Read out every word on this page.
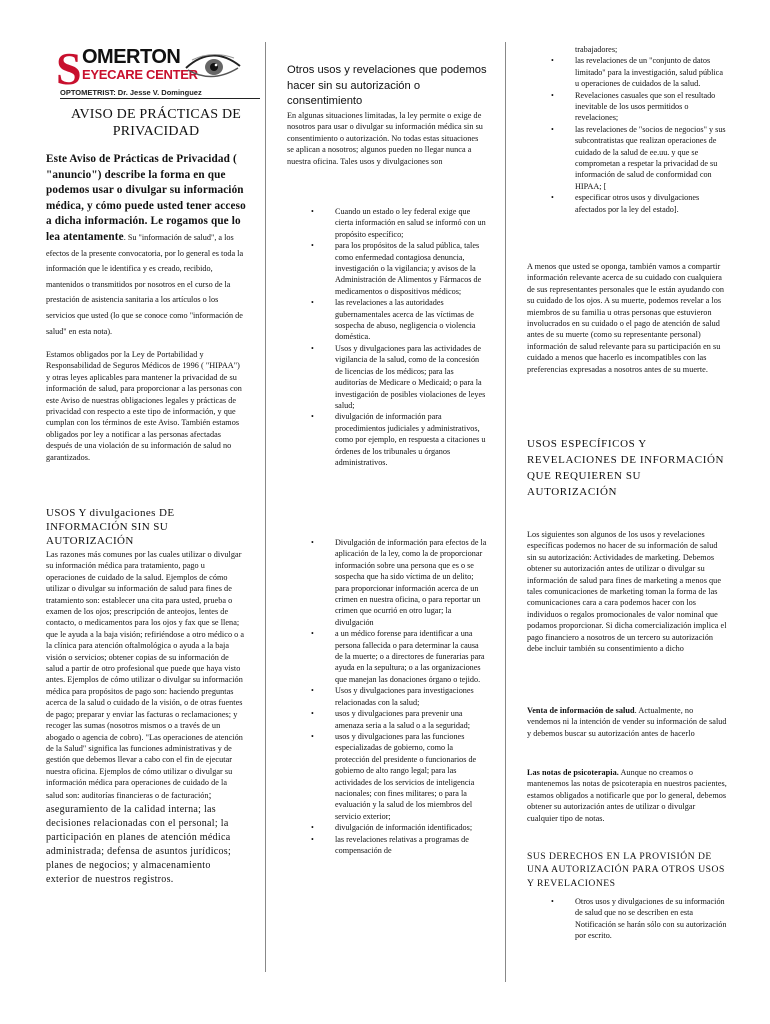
S OMERTON
EYECARE CENTER
OPTOMETRIST: Dr. Jesse V. Dominguez
AVISO DE PRÁCTICAS DE PRIVACIDAD

Este Aviso de Prácticas de Privacidad ( "anuncio") describe la forma en que podemos usar o divulgar su información médica, y cómo puede usted tener acceso a dicha información. Le rogamos que lo lea atentamente. Su "información de salud", a los efectos de la presente convocatoria, por lo general es toda la información que le identifica y es creado, recibido, mantenidos o transmitidos por nosotros en el curso de la prestación de asistencia sanitaria a los artículos o los servicios que usted (lo que se conoce como "información de salud" en esta nota).

Estamos obligados por la Ley de Portabilidad y Responsabilidad de Seguros Médicos de 1996 ( "HIPAA") y otras leyes aplicables para mantener la privacidad de su información de salud, para proporcionar a las personas con este Aviso de nuestras obligaciones legales y prácticas de privacidad con respecto a este tipo de información, y que cumplan con los términos de este Aviso. También estamos obligados por ley a notificar a las personas afectadas después de una violación de su información de salud no garantizados.

USOS Y divulgaciones DE INFORMACIÓN SIN SU AUTORIZACIÓN

Las razones más comunes por las cuales utilizar o divulgar su información médica para tratamiento, pago u operaciones de cuidado de la salud. Ejemplos de cómo utilizar o divulgar su información de salud para fines de tratamiento son: establecer una cita para usted, prueba o examen de los ojos; prescripción de anteojos, lentes de contacto, o medicamentos para los ojos y fax que se llena; que le ayuda a la baja visión; refiriéndose a otro médico o a la clínica para atención oftalmológica o ayuda a la baja visión o servicios; obtener copias de su información de salud a partir de otro profesional que puede que haya visto antes. Ejemplos de cómo utilizar o divulgar su información médica para propósitos de pago son: haciendo preguntas acerca de la salud o cuidado de la visión, o de otras fuentes de pago; preparar y enviar las facturas o reclamaciones; y recoger las sumas (nosotros mismos o a través de un abogado o agencia de cobro). "Las operaciones de atención de la Salud" significa las funciones administrativas y de gestión que debemos llevar a cabo con el fin de ejecutar nuestra oficina. Ejemplos de cómo utilizar o divulgar su información médica para operaciones de cuidado de la salud son: auditorías financieras o de facturación; aseguramiento de la calidad interna; las decisiones relacionadas con el personal; la participación en planes de atención médica administrada; defensa de asuntos jurídicos; planes de negocios; y almacenamiento exterior de nuestros registros.

Otros usos y revelaciones que podemos hacer sin su autorización o consentimiento

En algunas situaciones limitadas, la ley permite o exige de nosotros para usar o divulgar su información médica sin su consentimiento o autorización. No todas estas situaciones se aplican a nosotros; algunos pueden no llegar nunca a nuestra oficina. Tales usos y divulgaciones son

• Cuando un estado o ley federal exige que cierta información en salud se informó con un propósito específico;
• para los propósitos de la salud pública, tales como enfermedad contagiosa denuncia, investigación o la vigilancia; y avisos de la Administración de Alimentos y Fármacos de medicamentos o dispositivos médicos;
• las revelaciones a las autoridades gubernamentales acerca de las víctimas de sospecha de abuso, negligencia o violencia doméstica.
• Usos y divulgaciones para las actividades de vigilancia de la salud, como de la concesión de licencias de los médicos; para las auditorías de Medicare o Medicaid; o para la investigación de posibles violaciones de leyes salud;
• divulgación de información para procedimientos judiciales y administrativos, como por ejemplo, en respuesta a citaciones u órdenes de los tribunales u órganos administrativos.
• Divulgación de información para efectos de la aplicación de la ley, como la de proporcionar información sobre una persona que es o se sospecha que ha sido víctima de un delito; para proporcionar información acerca de un crimen en nuestra oficina, o para reportar un crimen que ocurrió en otro lugar; la divulgación
• a un médico forense para identificar a una persona fallecida o para determinar la causa de la muerte; o a directores de funerarias para ayuda en la sepultura; o a las organizaciones que manejan las donaciones órgano o tejido.
• Usos y divulgaciones para investigaciones relacionadas con la salud;
• usos y divulgaciones para prevenir una amenaza seria a la salud o a la seguridad;
• usos y divulgaciones para las funciones especializadas de gobierno, como la protección del presidente o funcionarios de gobierno de alto rango legal; para las actividades de los servicios de inteligencia nacionales; con fines militares; o para la evaluación y la salud de los miembros del servicio exterior;
• divulgación de información identificados;
• las revelaciones relativas a programas de compensación de
trabajadores;
• las revelaciones de un "conjunto de datos limitado" para la investigación, salud pública u operaciones de cuidados de la salud.
• Revelaciones casuales que son el resultado inevitable de los usos permitidos o revelaciones;
• las revelaciones de "socios de negocios" y sus subcontratistas que realizan operaciones de cuidado de la salud de ee.uu. y que se comprometan a respetar la privacidad de su información de salud de conformidad con HIPAA; [
• especificar otros usos y divulgaciones afectados por la ley del estado].

A menos que usted se oponga, también vamos a compartir información relevante acerca de su cuidado con cualquiera de sus representantes personales que le están ayudando con su cuidado de los ojos. A su muerte, podemos revelar a los miembros de su familia u otras personas que estuvieron involucrados en su cuidado o el pago de atención de salud antes de su muerte (como su representante personal) información de salud relevante para su participación en su cuidado a menos que hacerlo es incompatibles con las preferencias expresadas a nosotros antes de su muerte.

USOS ESPECÍFICOS Y REVELACIONES DE INFORMACIÓN QUE REQUIEREN SU AUTORIZACIÓN

Los siguientes son algunos de los usos y revelaciones específicas podemos no hacer de su información de salud sin su autorización: Actividades de marketing. Debemos obtener su autorización antes de utilizar o divulgar su información de salud para fines de marketing a menos que tales comunicaciones de marketing toman la forma de las comunicaciones cara a cara podemos hacer con los individuos o regalos promocionales de valor nominal que podamos proporcionar. Si dicha comercialización implica el pago financiero a nosotros de un tercero su autorización debe incluir también su consentimiento a dicho

Venta de información de salud. Actualmente, no vendemos ni la intención de vender su información de salud y debemos buscar su autorización antes de hacerlo

Las notas de psicoterapia. Aunque no creamos o mantenemos las notas de psicoterapia en nuestros pacientes, estamos obligados a notificarle que por lo general, debemos obtener su autorización antes de utilizar o divulgar cualquier tipo de notas.

SUS DERECHOS EN LA PROVISIÓN DE UNA AUTORIZACIÓN PARA OTROS USOS Y REVELACIONES
• Otros usos y divulgaciones de su información de salud que no se describen en esta Notificación se harán sólo con su autorización por escrito.
